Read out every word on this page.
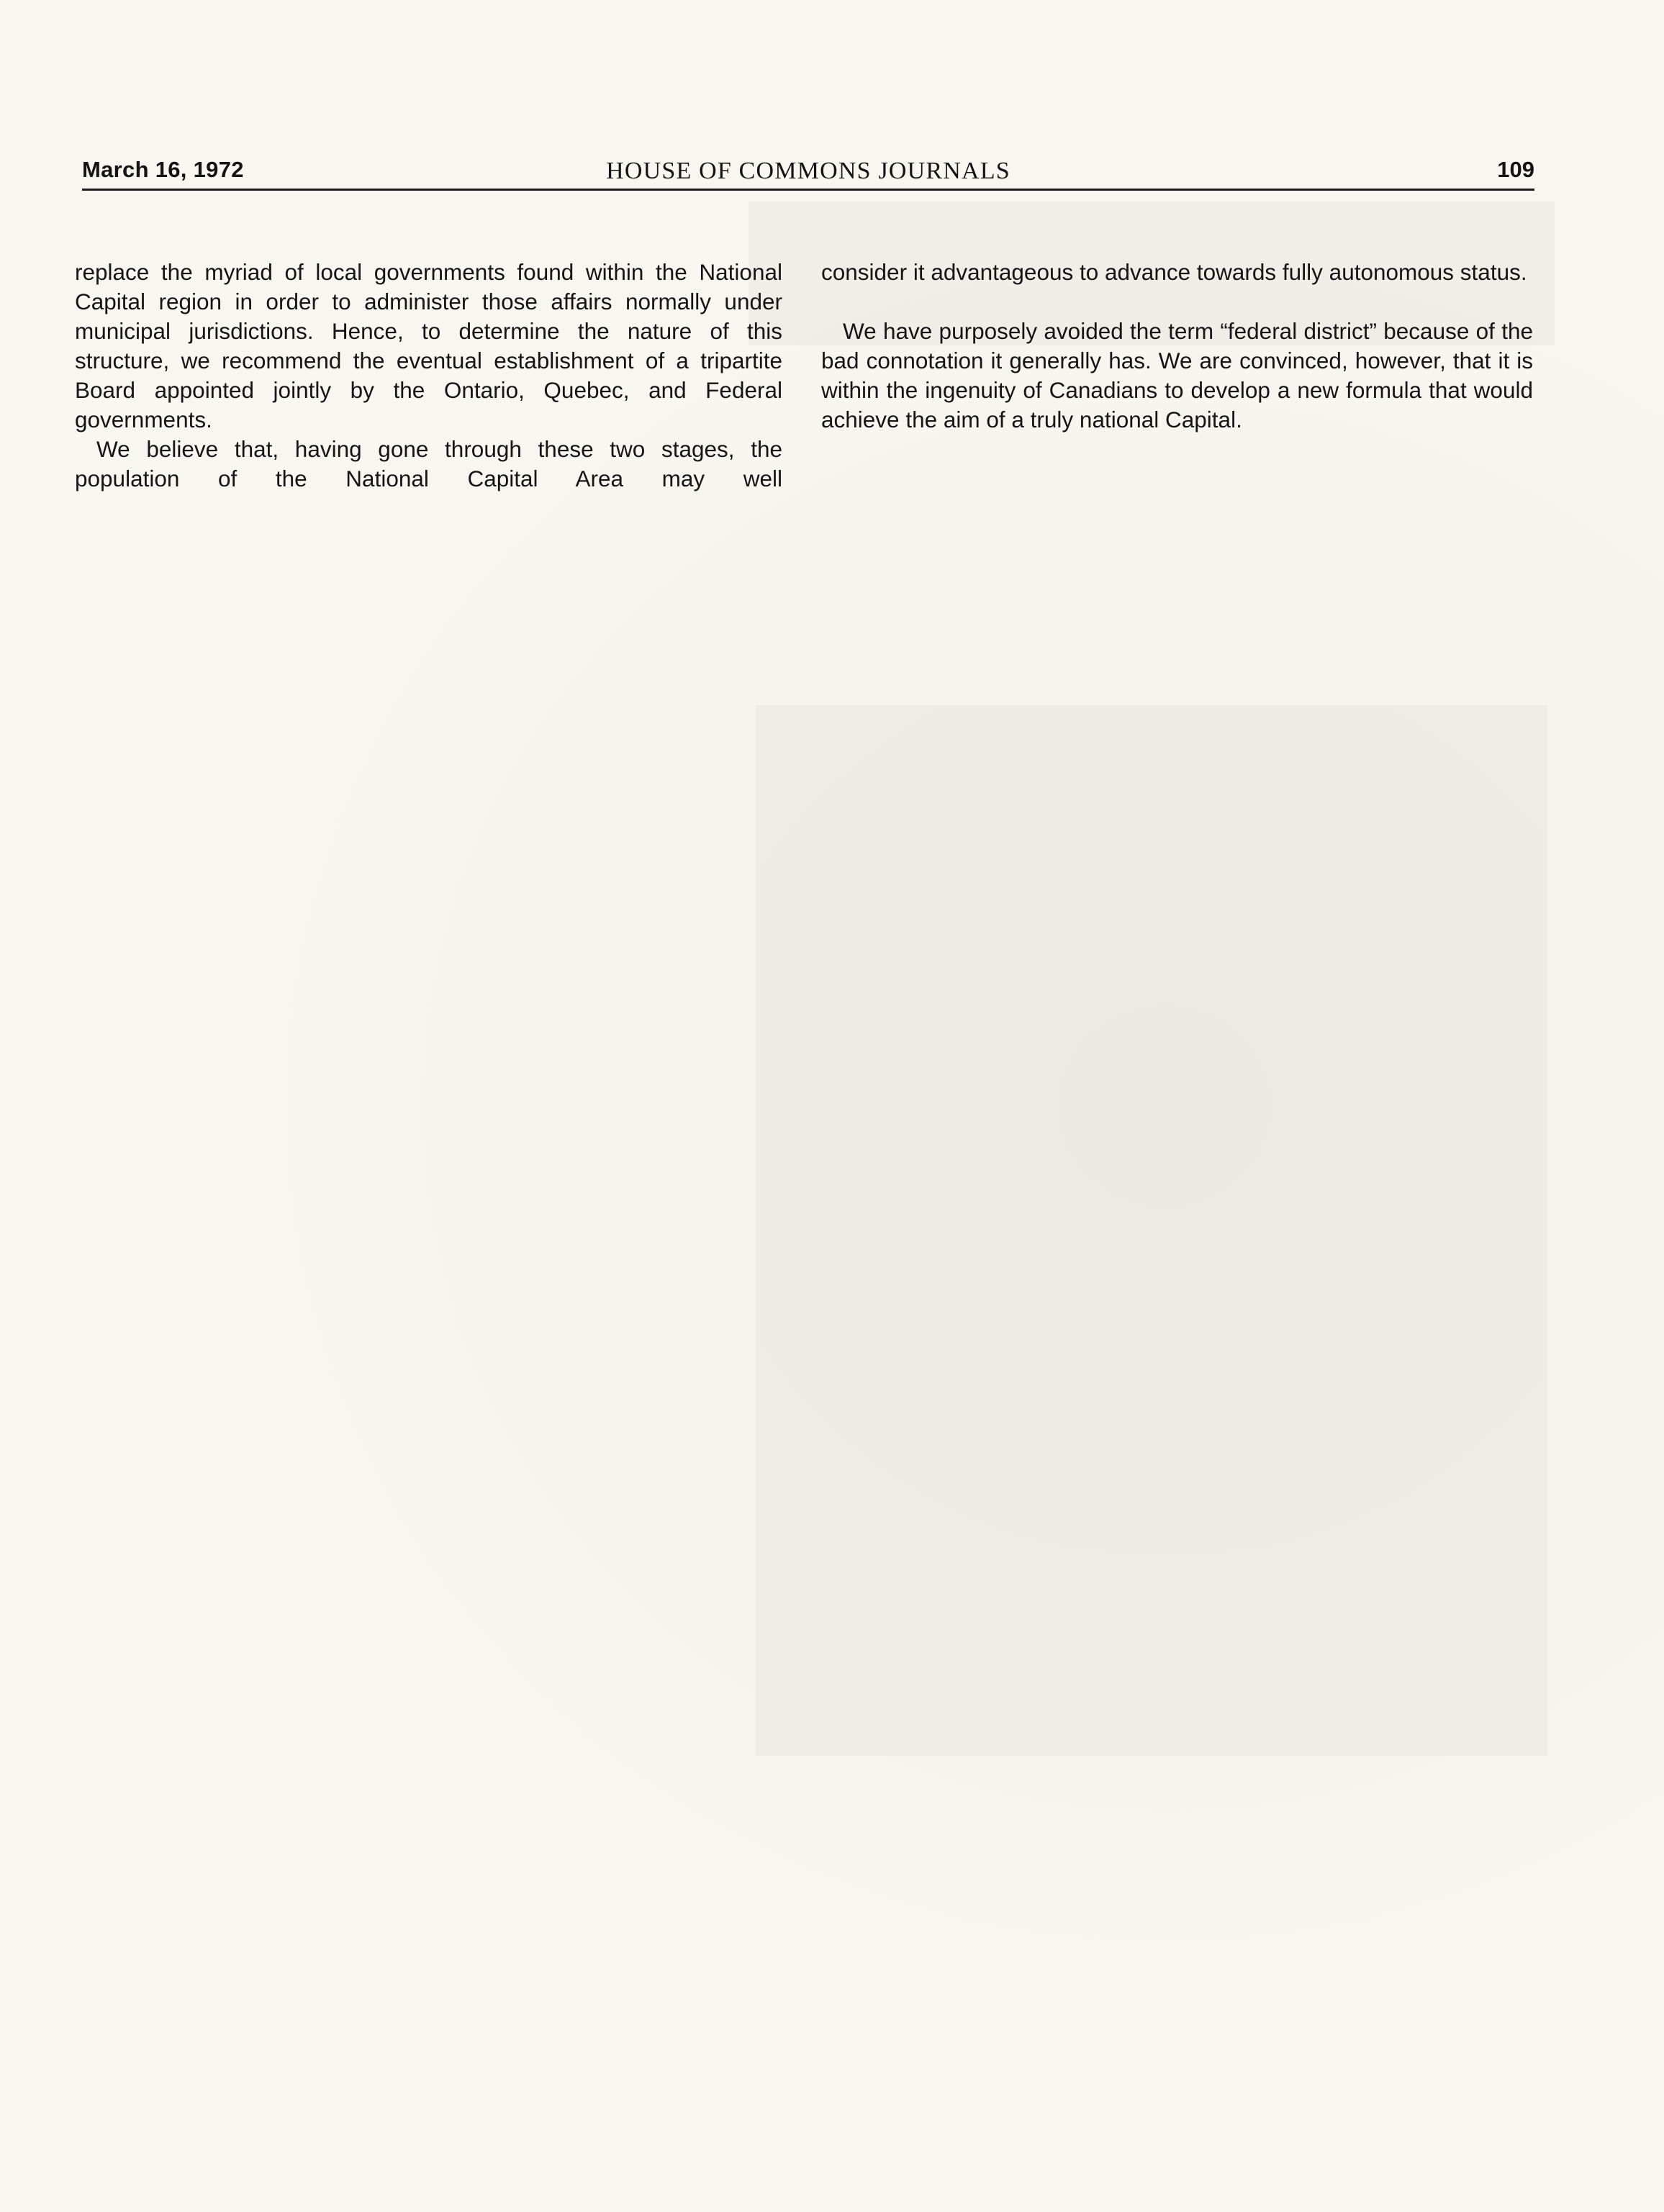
March 16, 1972	HOUSE OF COMMONS JOURNALS	109

replace the myriad of local governments found within the National Capital region in order to administer those affairs normally under municipal jurisdictions. Hence, to determine the nature of this structure, we recommend the eventual establishment of a tripartite Board appointed jointly by the Ontario, Quebec, and Federal governments.

We believe that, having gone through these two stages, the population of the National Capital Area may well

consider it advantageous to advance towards fully autonomous status.

We have purposely avoided the term “federal district” because of the bad connotation it generally has. We are convinced, however, that it is within the ingenuity of Canadians to develop a new formula that would achieve the aim of a truly national Capital.
